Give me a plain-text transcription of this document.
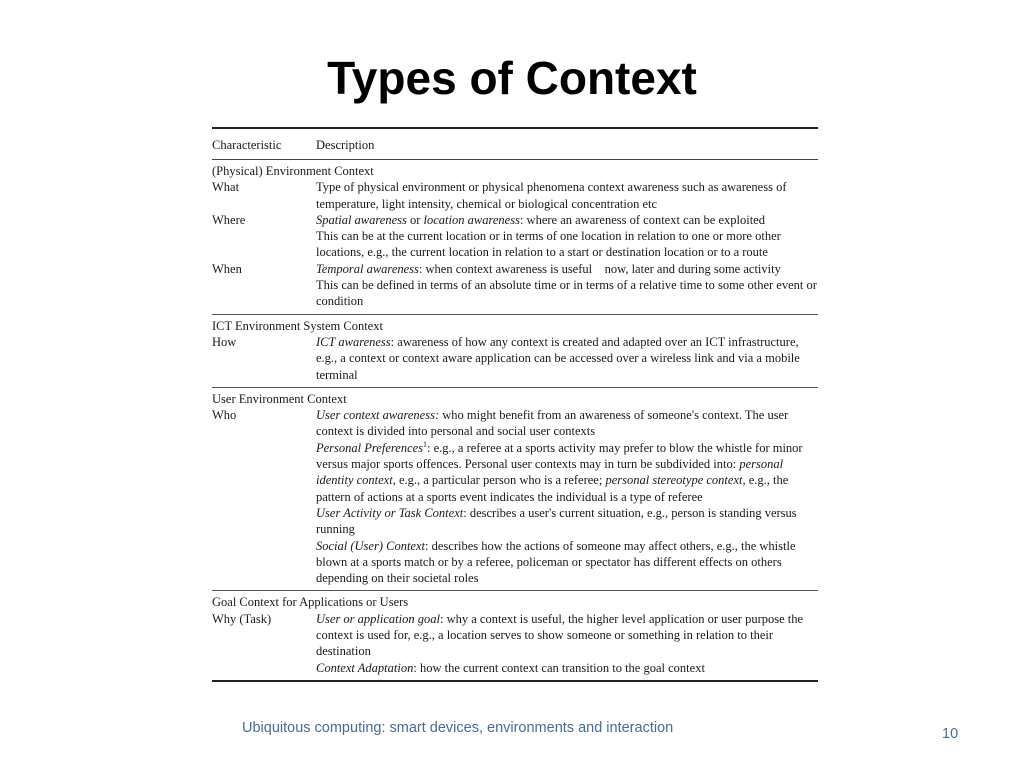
Types of Context
Characteristic	Description
(Physical) Environment Context
What	Type of physical environment or physical phenomena context awareness such as awareness of temperature, light intensity, chemical or biological concentration etc

Where	Spatial awareness or location awareness: where an awareness of context can be exploited

This can be at the current location or in terms of one location in relation to one or more other locations, e.g., the current location in relation to a start or destination location or to a route

When	Temporal awareness: when context awareness is useful    now, later and during some activity

This can be defined in terms of an absolute time or in terms of a relative time to some other event or condition

ICT Environment System Context
How	ICT awareness: awareness of how any context is created and adapted over an ICT infrastructure, e.g., a context or context aware application can be accessed over a wireless link and via a mobile terminal

User Environment Context
Who	User context awareness: who might benefit from an awareness of someone's context. The user context is divided into personal and social user contexts

Personal Preferences$^1$: e.g., a referee at a sports activity may prefer to blow the whistle for minor versus major sports offences. Personal user contexts may in turn be subdivided into: personal identity context, e.g., a particular person who is a referee; personal stereotype context, e.g., the pattern of actions at a sports event indicates the individual is a type of referee

User Activity or Task Context: describes a user's current situation, e.g., person is standing versus running

Social (User) Context: describes how the actions of someone may affect others, e.g., the whistle blown at a sports match or by a referee, policeman or spectator has different effects on others depending on their societal roles

Goal Context for Applications or Users
Why (Task)	User or application goal: why a context is useful, the higher level application or user purpose the context is used for, e.g., a location serves to show someone or something in relation to their destination

Context Adaptation: how the current context can transition to the goal context

Ubiquitous computing: smart devices, environments and interaction	10
